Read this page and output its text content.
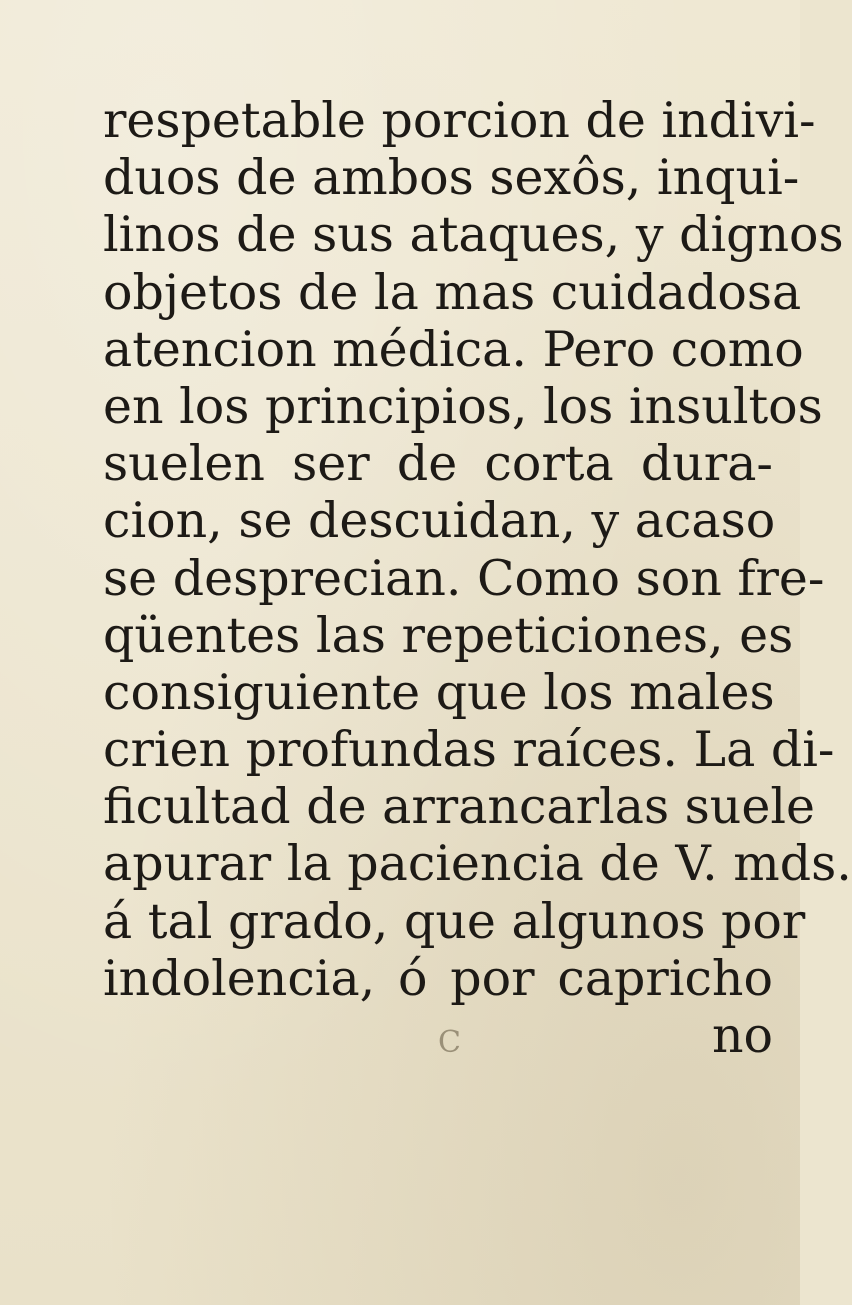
respetable porcion de indivi-
duos de ambos sexôs, inqui-
linos de sus ataques, y dignos
objetos de la mas cuidadosa
atencion médica. Pero como
en los principios, los insultos
suelen ser de corta dura-
cion, se descuidan, y acaso
se desprecian. Como son fre-
qüentes las repeticiones, es
consiguiente que los males
crien profundas raíces. La di-
ficultad de arrancarlas suele
apurar la paciencia de V. mds.
á tal grado, que algunos por
indolencia, ó por capricho
C	no
